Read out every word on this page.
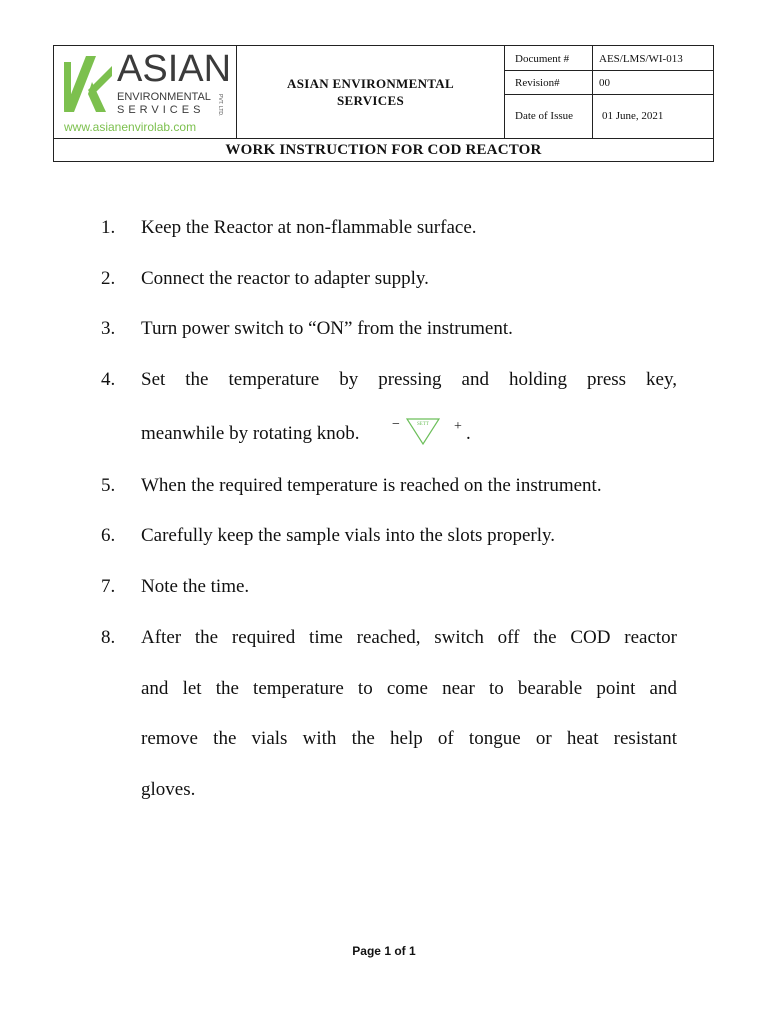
ASIAN
ENVIRONMENTAL
SERVICES	PVT. LTD.
www.asianenvirolab.com
ASIAN ENVIRONMENTAL
SERVICES
Document #	AES/LMS/WI-013
Revision#	00
Date of Issue	01 June, 2021
WORK INSTRUCTION FOR COD REACTOR
1. Keep the Reactor at non-flammable surface.
2. Connect the reactor to adapter supply.
3. Turn power switch to “ON” from the instrument.
4. Set the temperature by pressing and holding press key,
meanwhile by rotating knob. −	SETT + .
5. When the required temperature is reached on the instrument.
6. Carefully keep the sample vials into the slots properly.
7. Note the time.
8. After the required time reached, switch off the COD reactor
and let the temperature to come near to bearable point and
remove the vials with the help of tongue or heat resistant
gloves.
Page 1 of 1
